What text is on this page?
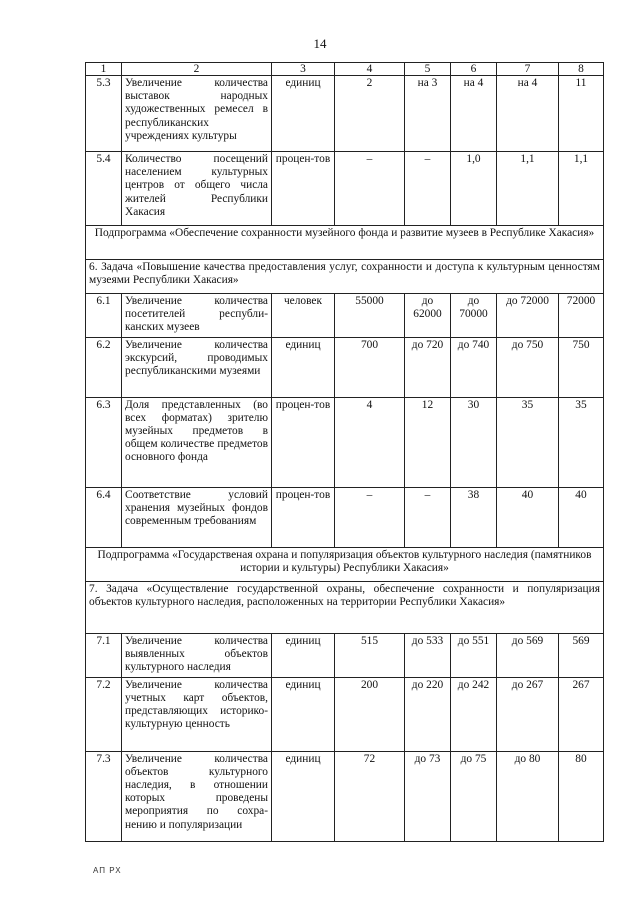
14
1	2	3	4	5	6	7	8
5.3	Увеличение количества выставок народных художественных ремесел в республиканских учреждениях культуры	единиц	2	на 3	на 4	на 4	11
5.4	Количество посещений населением культурных центров от общего числа жителей Республики Хакасия	процен-тов	–	–	1,0	1,1	1,1
Подпрограмма «Обеспечение сохранности музейного фонда и развитие музеев в Республике Хакасия»							
6. Задача «Повышение качества предоставления услуг, сохранности и доступа к культурным ценностям музеями Республики Хакасия»							
6.1	Увеличение количества посетителей республи-канских музеев	человек	55000	до 62000	до 70000	до 72000	72000
6.2	Увеличение количества экскурсий, проводимых республиканскими музеями	единиц	700	до 720	до 740	до 750	750
6.3	Доля представленных (во всех форматах) зрителю музейных предметов в общем количестве предметов основного фонда	процен-тов	4	12	30	35	35
6.4	Соответствие условий хранения музейных фондов современным требованиям	процен-тов	–	–	38	40	40
Подпрограмма «Государственая охрана и популяризация объектов культурного наследия (памятников истории и культуры) Республики Хакасия»							
7. Задача «Осуществление государственной охраны, обеспечение сохранности и популяризация объектов культурного наследия, расположенных на территории Республики Хакасия»							
7.1	Увеличение количества выявленных объектов культурного наследия	единиц	515	до 533	до 551	до 569	569
7.2	Увеличение количества учетных карт объектов, представляющих историко-культурную ценность	единиц	200	до 220	до 242	до 267	267
7.3	Увеличение количества объектов культурного наследия, в отношении которых проведены мероприятия по сохра-нению и популяризации	единиц	72	до 73	до 75	до 80	80
АП РХ
